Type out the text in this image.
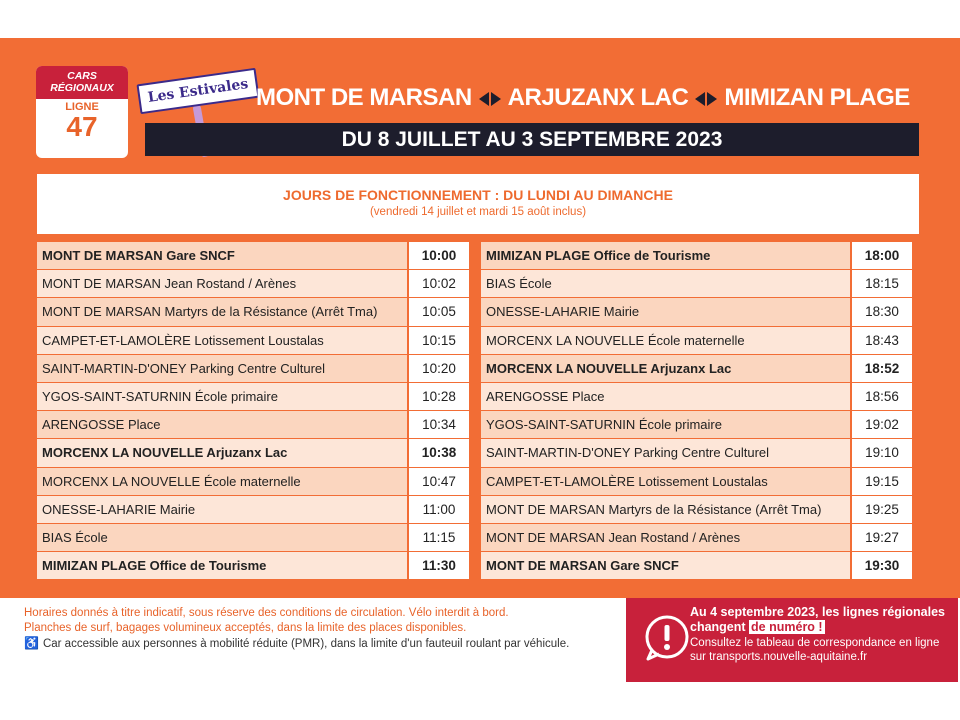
CARS RÉGIONAUX
LIGNE
47
Les Estivales MONT DE MARSAN ARJUZANX LAC MIMIZAN PLAGE
DU 8 JUILLET AU 3 SEPTEMBRE 2023
JOURS DE FONCTIONNEMENT : DU LUNDI AU DIMANCHE
(vendredi 14 juillet et mardi 15 août inclus)
MONT DE MARSAN Gare SNCF	10:00
MONT DE MARSAN Jean Rostand / Arènes	10:02
MONT DE MARSAN Martyrs de la Résistance (Arrêt Tma)	10:05
CAMPET-ET-LAMOLÈRE Lotissement Loustalas	10:15
SAINT-MARTIN-D'ONEY Parking Centre Culturel	10:20
YGOS-SAINT-SATURNIN École primaire	10:28
ARENGOSSE Place	10:34
MORCENX LA NOUVELLE Arjuzanx Lac	10:38
MORCENX LA NOUVELLE École maternelle	10:47
ONESSE-LAHARIE Mairie	11:00
BIAS École	11:15
MIMIZAN PLAGE Office de Tourisme	11:30
MIMIZAN PLAGE Office de Tourisme	18:00
BIAS École	18:15
ONESSE-LAHARIE Mairie	18:30
MORCENX LA NOUVELLE École maternelle	18:43
MORCENX LA NOUVELLE Arjuzanx Lac	18:52
ARENGOSSE Place	18:56
YGOS-SAINT-SATURNIN École primaire	19:02
SAINT-MARTIN-D'ONEY Parking Centre Culturel	19:10
CAMPET-ET-LAMOLÈRE Lotissement Loustalas	19:15
MONT DE MARSAN Martyrs de la Résistance (Arrêt Tma)	19:25
MONT DE MARSAN Jean Rostand / Arènes	19:27
MONT DE MARSAN Gare SNCF	19:30
Horaires donnés à titre indicatif, sous réserve des conditions de circulation. Vélo interdit à bord.
Planches de surf, bagages volumineux acceptés, dans la limite des places disponibles.
♿ Car accessible aux personnes à mobilité réduite (PMR), dans la limite d'un fauteuil roulant par véhicule.
Au 4 septembre 2023, les lignes régionales changent de numéro !
Consultez le tableau de correspondance en ligne sur transports.nouvelle-aquitaine.fr
